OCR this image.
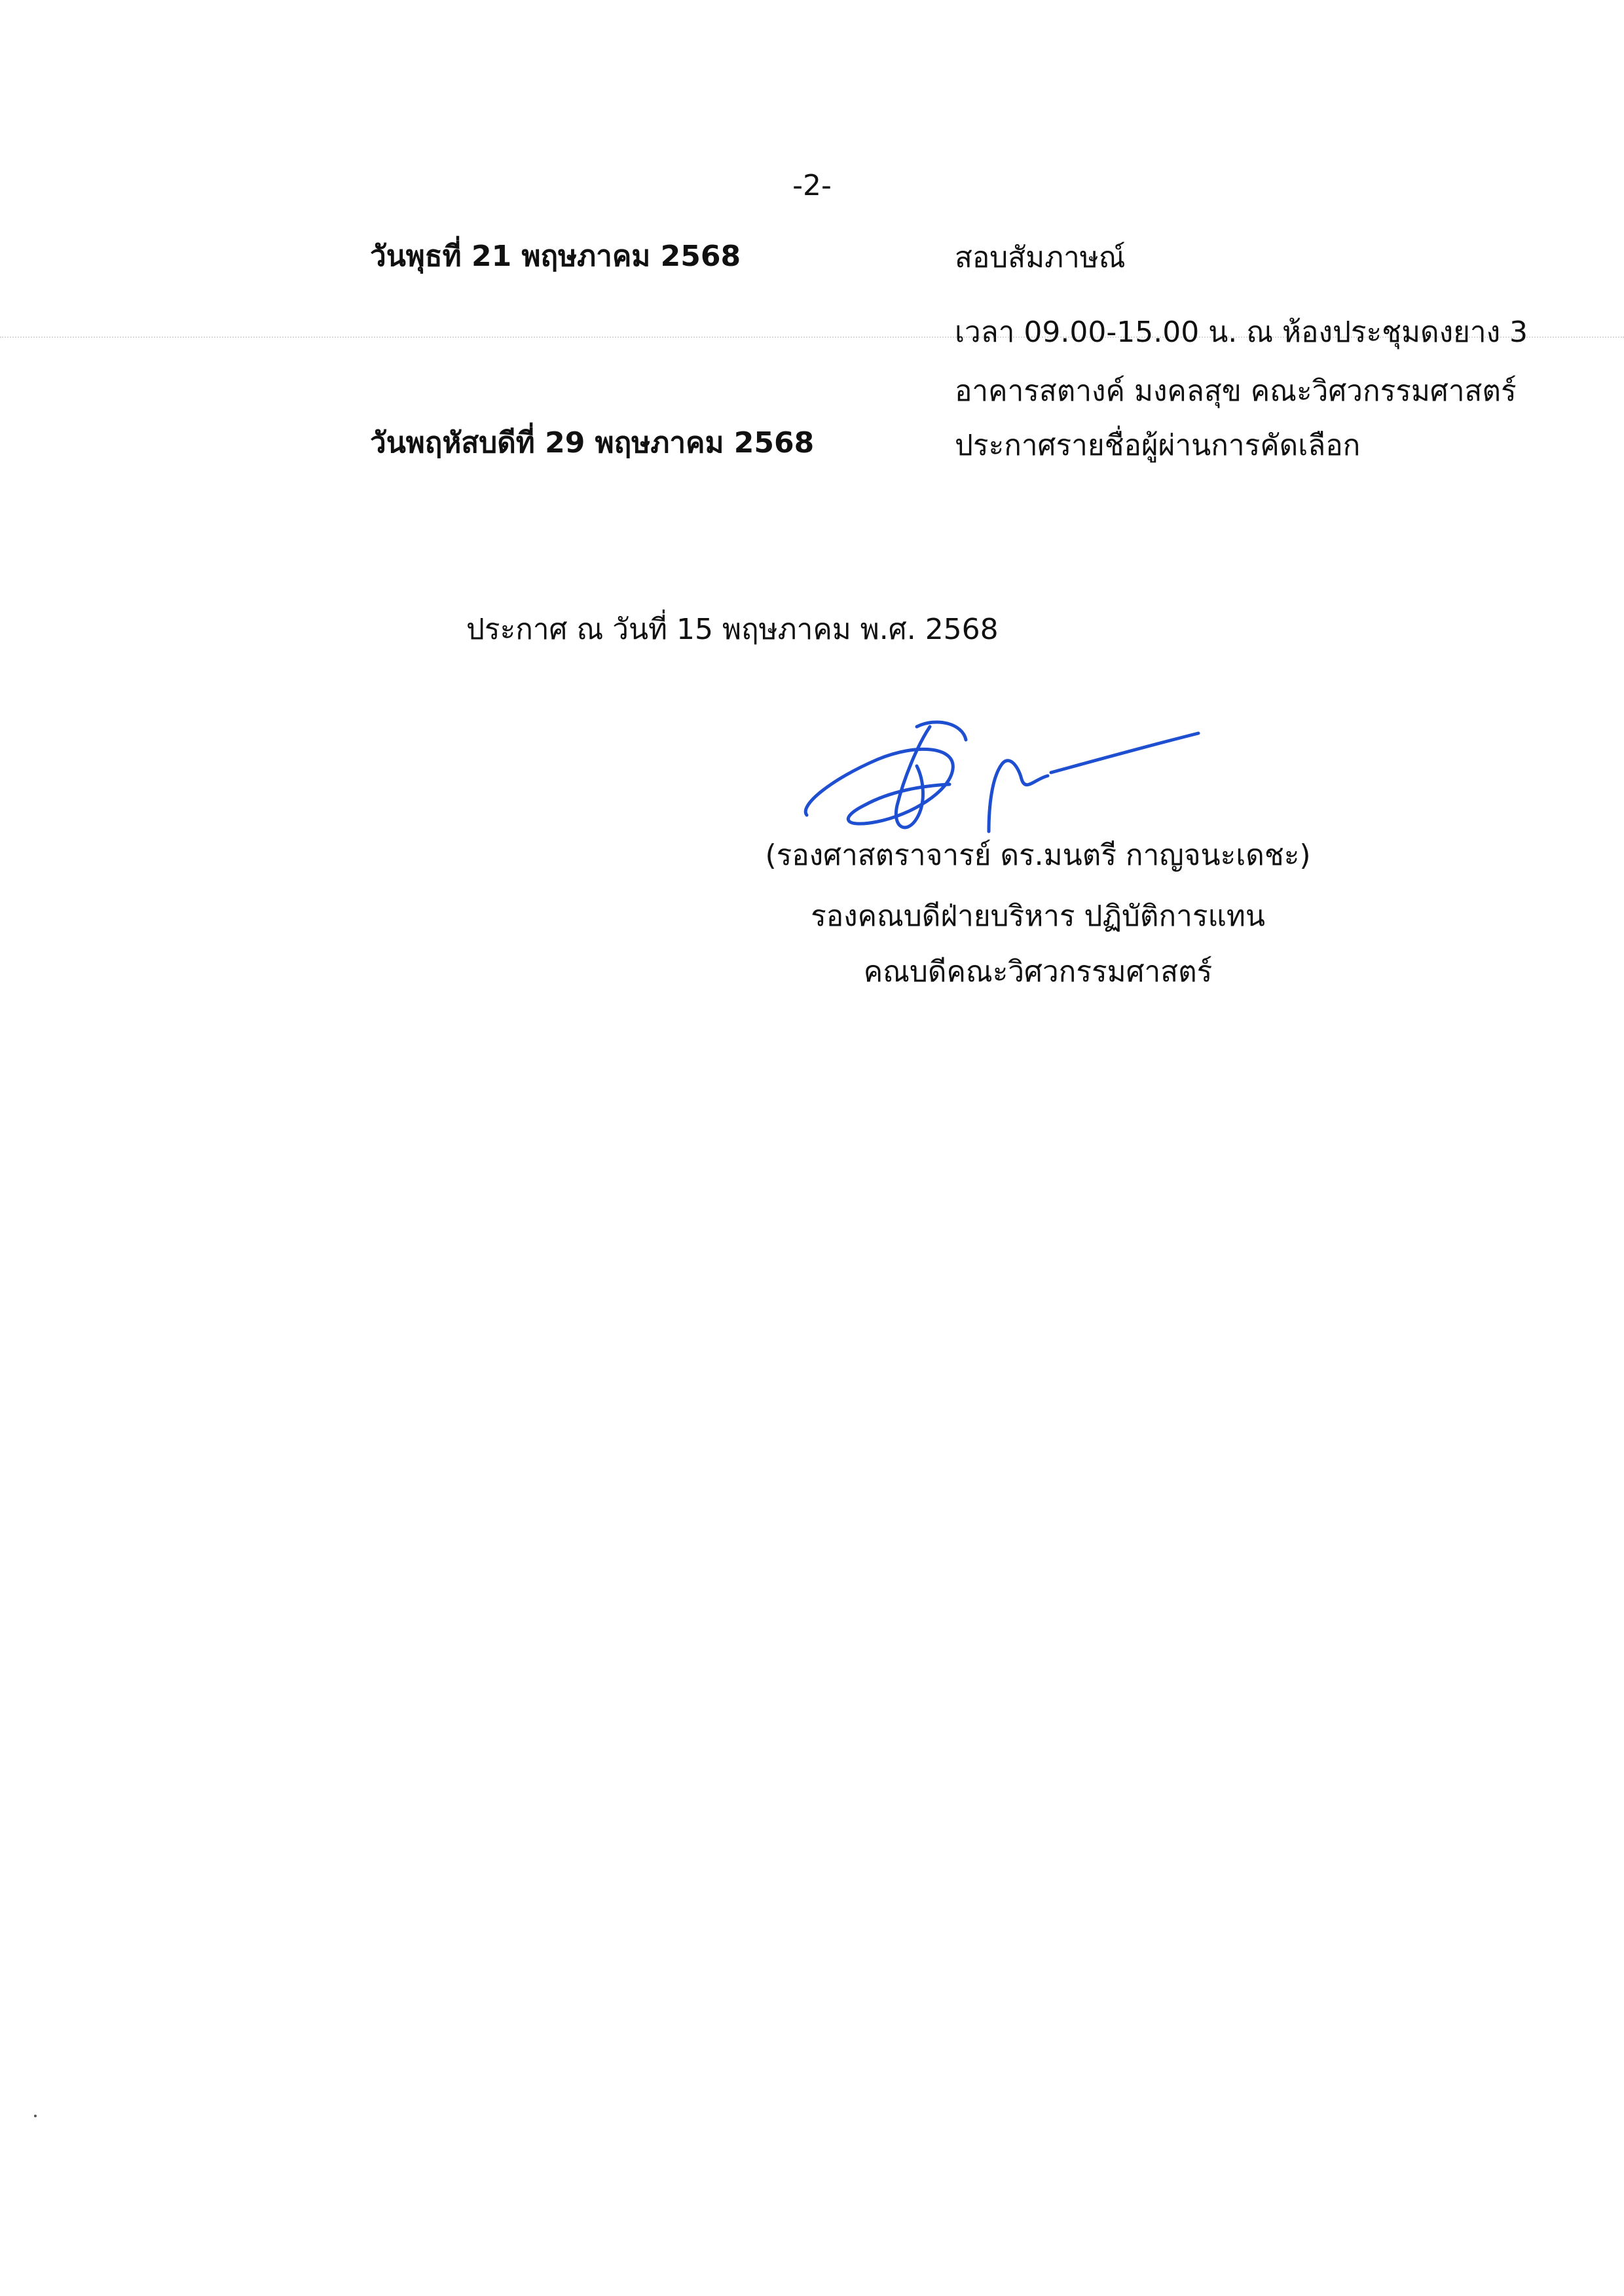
-2-
วันพุธที่ 21 พฤษภาคม 2568	สอบสัมภาษณ์
เวลา 09.00-15.00 น. ณ ห้องประชุมดงยาง 3
อาคารสตางค์ มงคลสุข คณะวิศวกรรมศาสตร์
วันพฤหัสบดีที่ 29 พฤษภาคม 2568	ประกาศรายชื่อผู้ผ่านการคัดเลือก
ประกาศ ณ วันที่ 15 พฤษภาคม พ.ศ. 2568
(รองศาสตราจารย์ ดร.มนตรี กาญจนะเดชะ)
รองคณบดีฝ่ายบริหาร ปฏิบัติการแทน
คณบดีคณะวิศวกรรมศาสตร์
